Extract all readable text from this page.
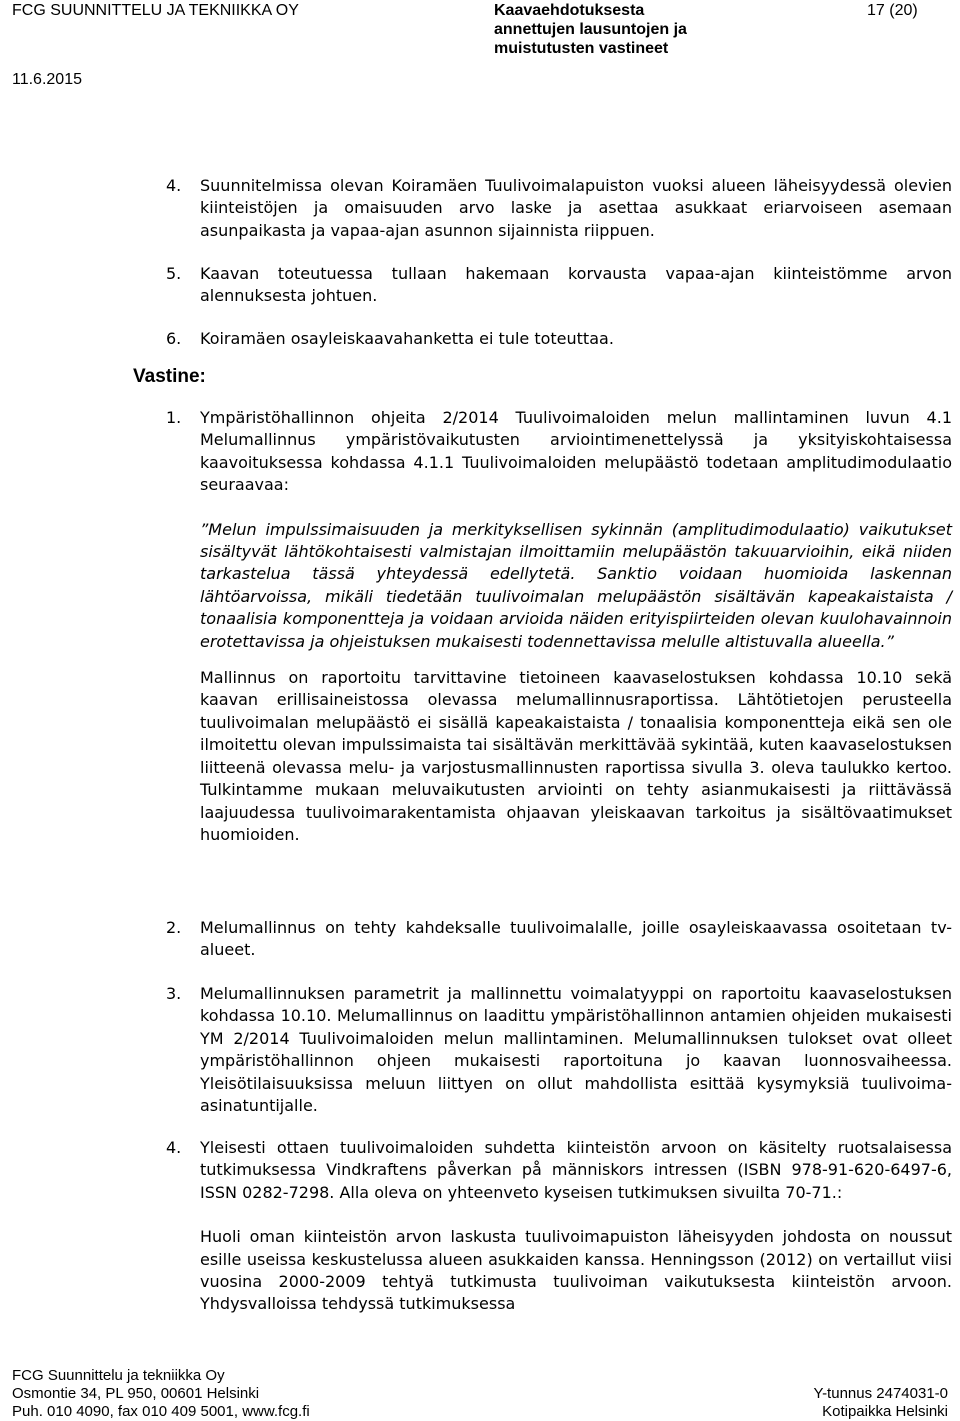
FCG SUUNNITTELU JA TEKNIIKKA OY	Kaavaehdotuksesta
annettujen lausuntojen ja
muistutusten vastineet
17 (20)
11.6.2015
4. Suunnitelmissa olevan Koiramäen Tuulivoimalapuiston vuoksi alueen läheisyydessä olevien kiinteistöjen ja omaisuuden arvo laske ja asettaa asukkaat eriarvoiseen asemaan asunpaikasta ja vapaa-ajan asunnon sijainnista riippuen.
5. Kaavan toteutuessa tullaan hakemaan korvausta vapaa-ajan kiinteistömme arvon alennuksesta johtuen.
6. Koiramäen osayleiskaavahanketta ei tule toteuttaa.
Vastine:
1. Ympäristöhallinnon ohjeita 2/2014 Tuulivoimaloiden melun mallintaminen luvun 4.1 Melumallinnus ympäristövaikutusten arviointimenettelyssä ja yksityiskohtaisessa kaavoituksessa kohdassa 4.1.1 Tuulivoimaloiden melupäästö todetaan amplitudimodulaatio seuraavaa:

”Melun impulssimaisuuden ja merkityksellisen sykinnän (amplitudimodulaatio) vaikutukset sisältyvät lähtökohtaisesti valmistajan ilmoittamiin melupäästön takuuarvioihin, eikä niiden tarkastelua tässä yhteydessä edellytetä. Sanktio voidaan huomioida laskennan lähtöarvoissa, mikäli tiedetään tuulivoimalan melupäästön sisältävän kapeakaistaista / tonaalisia komponentteja ja voidaan arvioida näiden erityispiirteiden olevan kuulohavainnoin erotettavissa ja ohjeistuksen mukaisesti todennettavissa melulle altistuvalla alueella.”

Mallinnus on raportoitu tarvittavine tietoineen kaavaselostuksen kohdassa 10.10 sekä kaavan erillisaineistossa olevassa melumallinnusraportissa. Lähtötietojen perusteella tuulivoimalan melupäästö ei sisällä kapeakaistaista / tonaalisia komponentteja eikä sen ole ilmoitettu olevan impulssimaista tai sisältävän merkittävää sykintää, kuten kaavaselostuksen liitteenä olevassa melu- ja varjostusmallinnusten raportissa sivulla 3. oleva taulukko kertoo. Tulkintamme mukaan meluvaikutusten arviointi on tehty asianmukaisesti ja riittävässä laajuudessa tuulivoimarakentamista ohjaavan yleiskaavan tarkoitus ja sisältövaatimukset huomioiden.

2. Melumallinnus on tehty kahdeksalle tuulivoimalalle, joille osayleiskaavassa osoitetaan tv-alueet.
3. Melumallinnuksen parametrit ja mallinnettu voimalatyyppi on raportoitu kaavaselostuksen kohdassa 10.10. Melumallinnus on laadittu ympäristöhallinnon antamien ohjeiden mukaisesti YM 2/2014 Tuulivoimaloiden melun mallintaminen. Melumallinnuksen tulokset ovat olleet ympäristöhallinnon ohjeen mukaisesti raportoituna jo kaavan luonnosvaiheessa. Yleisötilaisuuksissa meluun liittyen on ollut mahdollista esittää kysymyksiä tuulivoima-asinatuntijalle.
4. Yleisesti ottaen tuulivoimaloiden suhdetta kiinteistön arvoon on käsitelty ruotsalaisessa tutkimuksessa Vindkraftens påverkan på människors intressen (ISBN 978-91-620-6497-6, ISSN 0282-7298. Alla oleva on yhteenveto kyseisen tutkimuksen sivuilta 70-71.:

Huoli oman kiinteistön arvon laskusta tuulivoimapuiston läheisyyden johdosta on noussut esille useissa keskustelussa alueen asukkaiden kanssa. Henningsson (2012) on vertaillut viisi vuosina 2000-2009 tehtyä tutkimusta tuulivoiman vaikutuksesta kiinteistön arvoon. Yhdysvalloissa tehdyssä tutkimuksessa

FCG Suunnittelu ja tekniikka Oy
Osmontie 34, PL 950, 00601 Helsinki	Y-tunnus 2474031-0
Puh. 010 4090, fax 010 409 5001, www.fcg.fi	Kotipaikka Helsinki
